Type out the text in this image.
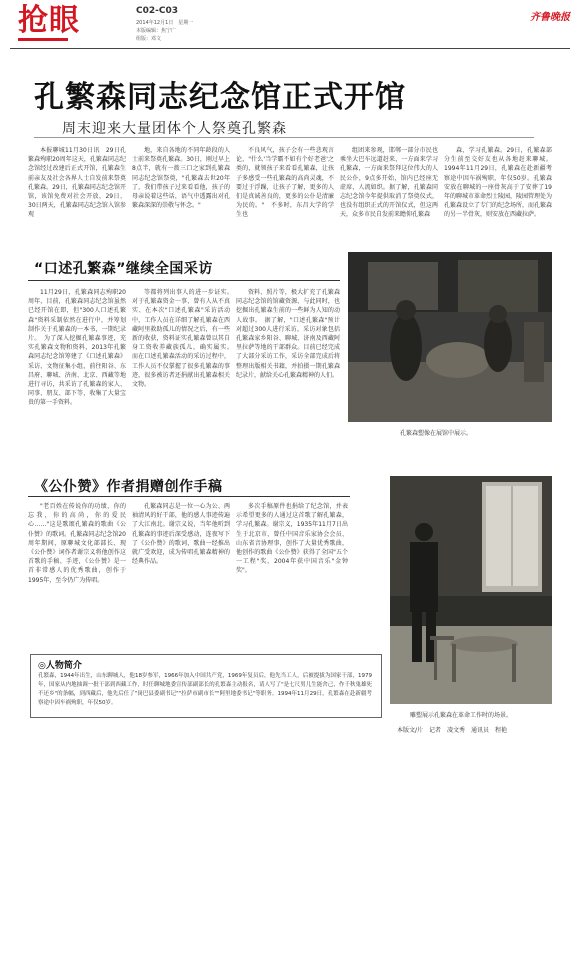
抢眼	C02-C03
2014年12月1日　星期一
本版编辑：焦宁广
组版：邓文
齐鲁晚报
孔繁森同志纪念馆正式开馆
周末迎来大量团体个人祭奠孔繁森

本报聊城11月30日讯　29日孔繁森殉职20周年这天，孔繁森同志纪念馆经过改建后正式开馆，孔繁森生前亲友及社会各界人士自发前来祭奠孔繁森。29日，孔繁森同志纪念馆开馆，该馆免费对社会开放，29日、30日两天，孔繁森同志纪念馆入馆参观

地，来自各地的不同年龄段的人士前来祭奠孔繁森。30日，刚过早上8点半，就有一拨三口之家到孔繁森同志纪念馆祭奠，"孔繁森去世20年了，我们带孩子过来看看他，孩子的母亲说着这些话，语气中透露出对孔繁森深深的崇敬与怀念。"

不良风气，孩子会有一些悲观言论，"什么'当学霸不如有个好老爸'之类的，就领孩子来看看孔繁森，让孩子多感受一些孔繁森的高尚灵魂，不要过于浮躁，让孩子了解，更多的人们是真诚善良的，更多的公仆是清廉为民的。"　不多时，东昌大学的学生也

组团来参观，邯郸一部分市民也乘坐大巴车远道赶来，一方面来学习孔繁森，一方面来祭拜这位伟大的人民公仆，9点多开始，馆内已经座无虚席，人流如织。据了解，孔繁森同志纪念馆今年提供取消了祭奠仪式，也没有组织正式的开馆仪式，但这两天，众多市民自发前来瞻仰孔繁森

森，学习孔繁森。29日，孔繁森部分生前至交好友也从各地赶来聊城。1994年11月29日，孔繁森在赴新疆考察途中因车祸殉职，年仅50岁。孔繁森安放在聊城的一座骨灰高于了安葬了19年的聊城市革命烈士陵园，陵园管理处为孔繁森设立了专门的纪念场所，而孔繁森的另一半骨灰，则安放在西藏拉萨。

“口述孔繁森”继续全国采访

11月29日，孔繁森同志殉职20周年，目前，孔繁森同志纪念馆虽然已经开馆在即，但"300人口述孔繁森"资料采制依然在进行中，并筹划制作关于孔繁森的一本书，一期纪录片。　为了深入挖掘孔繁森事迹，充实孔繁森文物和资料，2013年孔繁森同志纪念馆筹建了《口述孔繁森》采访、文物征集小组，前往阳谷、东昌府、聊城、济南、北京、西藏等地进行寻访，共采访了孔繁森的家人、同事、朋友、部下等，收集了大量宝贵的第一手资料。

等都将列出事人的进一步证实。　对于孔繁森资金一事，曾有人从不真实、在本次"口述孔繁森"采访活动中，工作人员在详细了解孔繁森在西藏阿里救助孤儿的情况之后，有一些新的收获，资料证实孔繁森曾以其自身工资收养藏族孤儿，确实属实。　而在口述孔繁森活动的采访过程中，工作人员不仅掌握了很多孔繁森的事迹，很多被访者还捐献出孔繁森相关文物。

资料、照片等，极大扩充了孔繁森同志纪念馆的馆藏资源，与此同时，也挖掘出孔繁森生前的一些鲜为人知的动人故事。　据了解，"口述孔繁森"预计对超过300人进行采访，采访对象包括孔繁森家乡阳谷、聊城、济南及西藏阿里拉萨等地的干部群众。目前已经完成了大部分采访工作，采访全部完成后将整理出版相关书籍，并拍摄一期孔繁森纪录片，献给关心孔繁森精神的人们。

孔繁森塑像在展馆中展示。
《公仆赞》作者捐赠创作手稿

"老百姓在传说你的功绩，你的忘我，你的高尚，你的爱民心……"这是歌颂孔繁森的歌曲《公仆赞》的歌词。孔繁森同志纪念馆20周年期间，原聊城文化部部长、现《公仆赞》词作者谢宗义将他创作这首歌的手稿、手迹，《公仆赞》是一首非常感人的优秀歌曲，创作于1995年，至今仍广为传唱。

孔繁森同志是一位一心为公、两袖清风的好干部，他的感人事迹传遍了大江南北。谢宗义说，当年他听到孔繁森的事迹后深受感动，连夜写下了《公仆赞》的歌词，歌曲一经推出就广受欢迎，成为传唱孔繁森精神的经典作品。

多次手稿原件也捐给了纪念馆，并表示希望更多的人通过这首歌了解孔繁森，学习孔繁森。谢宗义，1935年11月7日出生于北京市，曾任中国音乐家协会会员、山东省音协理事，创作了大量优秀歌曲，他创作的歌曲《公仆赞》获得了全国"五个一工程"奖，2004年获中国音乐"金钟奖"。

雕塑展示孔繁森在革命工作时的场景。
◎人物简介
孔繁森，1944年出生，山东聊城人，他18岁参军，1966年加入中国共产党，1969年复员后，他先当工人，后被提拔为国家干部，1979年，国家从内地抽调一批干部到西藏工作，时任聊城地委宣传部副部长的孔繁森主动报名，请人写了"是七尺男儿生能舍己，作千秋鬼雄死不还乡"的条幅，到西藏后，他先后任了"岗巴县委副书记""拉萨市副市长""阿里地委书记"等职务。1994年11月29日，孔繁森在赴新疆考察途中因车祸殉职，年仅50岁。
本版文/片　记者　凌文秀　通讯员　程艳
